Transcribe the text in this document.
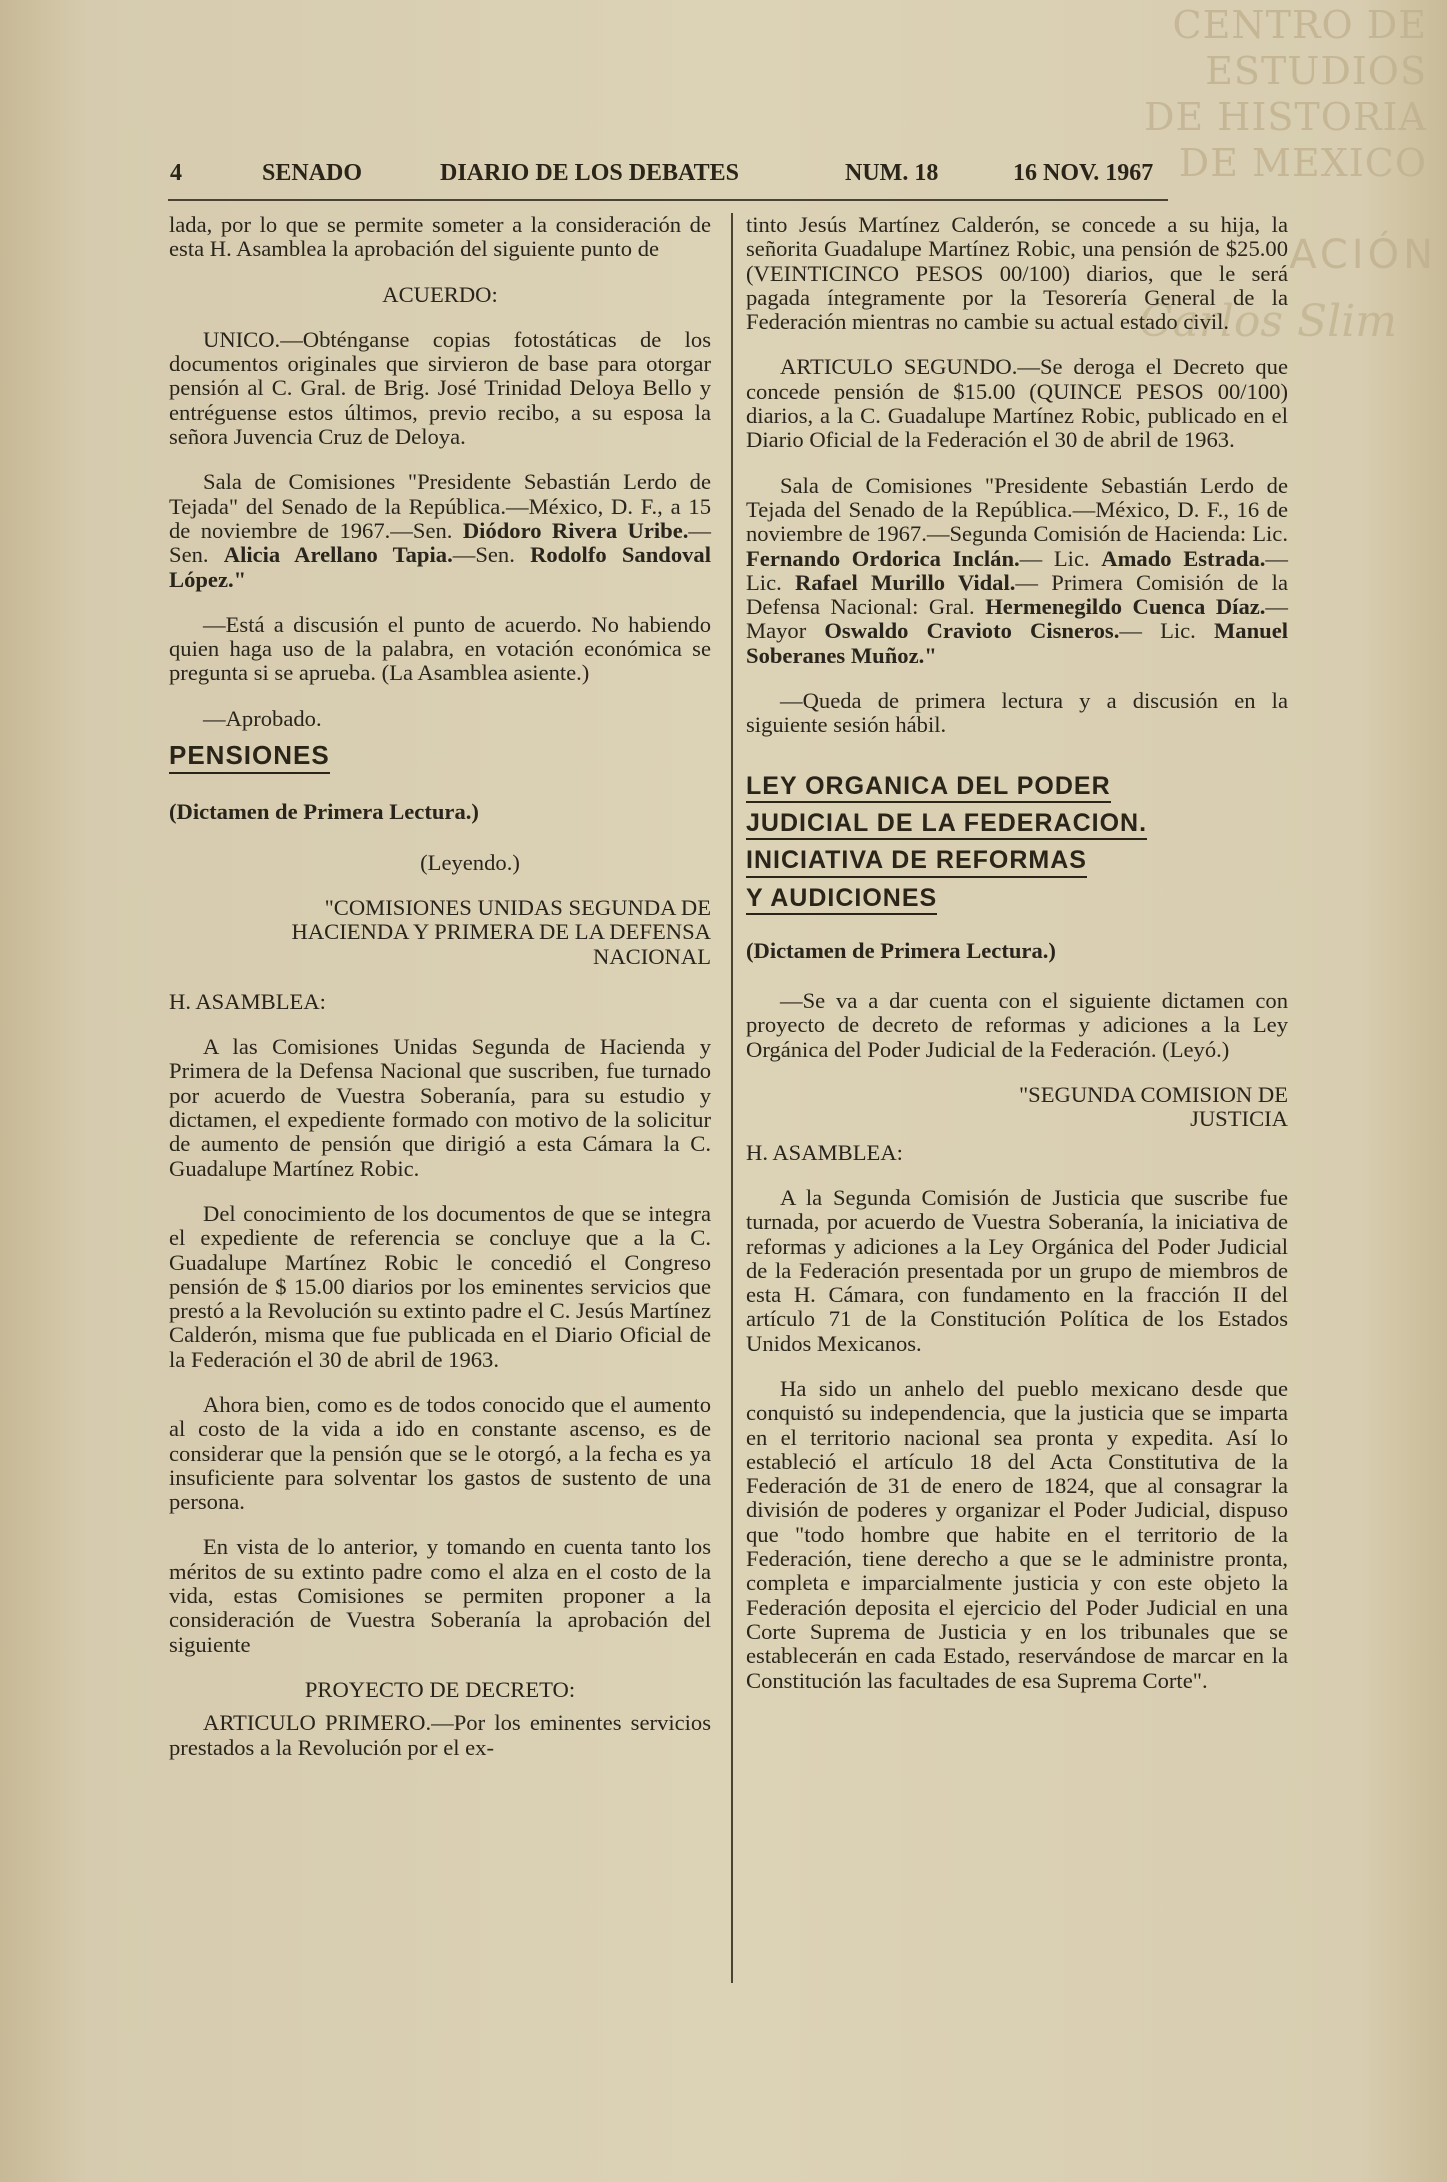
CENTRO DE
ESTUDIOS
DE HISTORIA
DE MEXICO
ACIÓN
Carlos Slim
4	SENADO	DIARIO DE LOS DEBATES	NUM. 18	16 NOV. 1967

lada, por lo que se permite someter a la consideración de esta H. Asamblea la aprobación del siguiente punto de

ACUERDO:

UNICO.—Obténganse copias fotostáticas de los documentos originales que sirvieron de base para otorgar pensión al C. Gral. de Brig. José Trinidad Deloya Bello y entréguense estos últimos, previo recibo, a su esposa la señora Juvencia Cruz de Deloya.

Sala de Comisiones "Presidente Sebastián Lerdo de Tejada" del Senado de la República.—México, D. F., a 15 de noviembre de 1967.—Sen. Diódoro Rivera Uribe.—Sen. Alicia Arellano Tapia.—Sen. Rodolfo Sandoval López."

—Está a discusión el punto de acuerdo. No habiendo quien haga uso de la palabra, en votación económica se pregunta si se aprueba. (La Asamblea asiente.)

—Aprobado.

PENSIONES

(Dictamen de Primera Lectura.)

(Leyendo.)

"COMISIONES UNIDAS SEGUNDA DE HACIENDA Y PRIMERA DE LA DEFENSA NACIONAL

H. ASAMBLEA:

A las Comisiones Unidas Segunda de Hacienda y Primera de la Defensa Nacional que suscriben, fue turnado por acuerdo de Vuestra Soberanía, para su estudio y dictamen, el expediente formado con motivo de la solicitur de aumento de pensión que dirigió a esta Cámara la C. Guadalupe Martínez Robic.

Del conocimiento de los documentos de que se integra el expediente de referencia se concluye que a la C. Guadalupe Martínez Robic le concedió el Congreso pensión de $ 15.00 diarios por los eminentes servicios que prestó a la Revolución su extinto padre el C. Jesús Martínez Calderón, misma que fue publicada en el Diario Oficial de la Federación el 30 de abril de 1963.

Ahora bien, como es de todos conocido que el aumento al costo de la vida a ido en constante ascenso, es de considerar que la pensión que se le otorgó, a la fecha es ya insuficiente para solventar los gastos de sustento de una persona.

En vista de lo anterior, y tomando en cuenta tanto los méritos de su extinto padre como el alza en el costo de la vida, estas Comisiones se permiten proponer a la consideración de Vuestra Soberanía la aprobación del siguiente

PROYECTO DE DECRETO:

ARTICULO PRIMERO.—Por los eminentes servicios prestados a la Revolución por el ex-

tinto Jesús Martínez Calderón, se concede a su hija, la señorita Guadalupe Martínez Robic, una pensión de $25.00 (VEINTICINCO PESOS 00/100) diarios, que le será pagada íntegramente por la Tesorería General de la Federación mientras no cambie su actual estado civil.

ARTICULO SEGUNDO.—Se deroga el Decreto que concede pensión de $15.00 (QUINCE PESOS 00/100) diarios, a la C. Guadalupe Martínez Robic, publicado en el Diario Oficial de la Federación el 30 de abril de 1963.

Sala de Comisiones "Presidente Sebastián Lerdo de Tejada del Senado de la República.—México, D. F., 16 de noviembre de 1967.—Segunda Comisión de Hacienda: Lic. Fernando Ordorica Inclán.— Lic. Amado Estrada.— Lic. Rafael Murillo Vidal.— Primera Comisión de la Defensa Nacional: Gral. Hermenegildo Cuenca Díaz.—Mayor Oswaldo Cravioto Cisneros.— Lic. Manuel Soberanes Muñoz."

—Queda de primera lectura y a discusión en la siguiente sesión hábil.

LEY ORGANICA DEL PODER
JUDICIAL DE LA FEDERACION.
INICIATIVA DE REFORMAS
Y AUDICIONES

(Dictamen de Primera Lectura.)

—Se va a dar cuenta con el siguiente dictamen con proyecto de decreto de reformas y adiciones a la Ley Orgánica del Poder Judicial de la Federación. (Leyó.)

"SEGUNDA COMISION DE JUSTICIA

H. ASAMBLEA:

A la Segunda Comisión de Justicia que suscribe fue turnada, por acuerdo de Vuestra Soberanía, la iniciativa de reformas y adiciones a la Ley Orgánica del Poder Judicial de la Federación presentada por un grupo de miembros de esta H. Cámara, con fundamento en la fracción II del artículo 71 de la Constitución Política de los Estados Unidos Mexicanos.

Ha sido un anhelo del pueblo mexicano desde que conquistó su independencia, que la justicia que se imparta en el territorio nacional sea pronta y expedita. Así lo estableció el artículo 18 del Acta Constitutiva de la Federación de 31 de enero de 1824, que al consagrar la división de poderes y organizar el Poder Judicial, dispuso que "todo hombre que habite en el territorio de la Federación, tiene derecho a que se le administre pronta, completa e imparcialmente justicia y con este objeto la Federación deposita el ejercicio del Poder Judicial en una Corte Suprema de Justicia y en los tribunales que se establecerán en cada Estado, reservándose de marcar en la Constitución las facultades de esa Suprema Corte".
